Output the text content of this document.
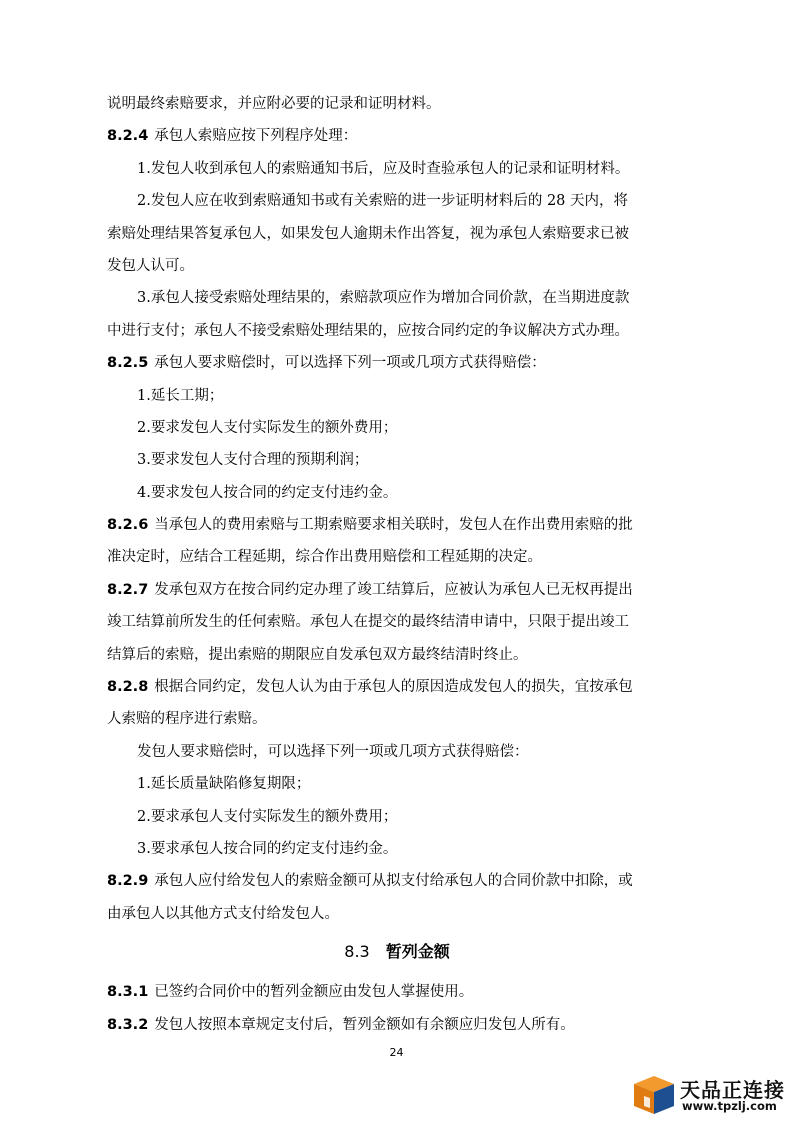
说明最终索赔要求，并应附必要的记录和证明材料。
8.2.4 承包人索赔应按下列程序处理：
1.发包人收到承包人的索赔通知书后，应及时查验承包人的记录和证明材料。
2.发包人应在收到索赔通知书或有关索赔的进一步证明材料后的 28 天内，将
索赔处理结果答复承包人，如果发包人逾期未作出答复，视为承包人索赔要求已被
发包人认可。
3.承包人接受索赔处理结果的，索赔款项应作为增加合同价款，在当期进度款
中进行支付；承包人不接受索赔处理结果的，应按合同约定的争议解决方式办理。
8.2.5 承包人要求赔偿时，可以选择下列一项或几项方式获得赔偿：
1.延长工期；
2.要求发包人支付实际发生的额外费用；
3.要求发包人支付合理的预期利润；
4.要求发包人按合同的约定支付违约金。
8.2.6 当承包人的费用索赔与工期索赔要求相关联时，发包人在作出费用索赔的批
准决定时，应结合工程延期，综合作出费用赔偿和工程延期的决定。
8.2.7 发承包双方在按合同约定办理了竣工结算后，应被认为承包人已无权再提出
竣工结算前所发生的任何索赔。承包人在提交的最终结清申请中，只限于提出竣工
结算后的索赔，提出索赔的期限应自发承包双方最终结清时终止。
8.2.8 根据合同约定，发包人认为由于承包人的原因造成发包人的损失，宜按承包
人索赔的程序进行索赔。
发包人要求赔偿时，可以选择下列一项或几项方式获得赔偿：
1.延长质量缺陷修复期限；
2.要求承包人支付实际发生的额外费用；
3.要求承包人按合同的约定支付违约金。
8.2.9 承包人应付给发包人的索赔金额可从拟支付给承包人的合同价款中扣除，或
由承包人以其他方式支付给发包人。
8.3 暂列金额
8.3.1 已签约合同价中的暂列金额应由发包人掌握使用。
8.3.2 发包人按照本章规定支付后，暂列金额如有余额应归发包人所有。
24
天品正连接
www.tpzlj.com
